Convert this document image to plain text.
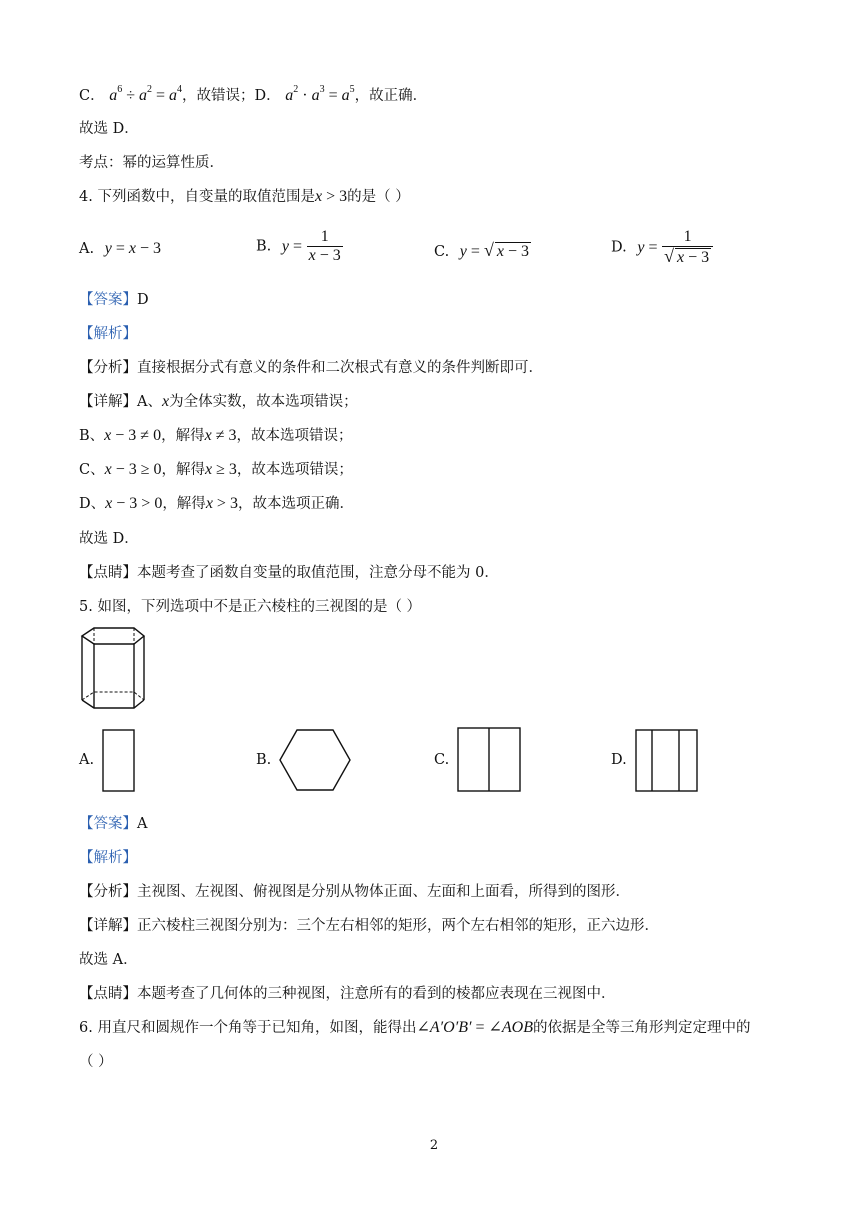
C． $a^6 \div a^2 = a^4$，故错误；D． $a^2 \cdot a^3 = a^5$，故正确．
故选 D．
考点：幂的运算性质．
4. 下列函数中，自变量的取值范围是x > 3的是（ ）
A. y = x − 3	B. $y = \frac{1}{x - 3}$	C. y = √ x − 3	D. $y = \frac{1}{√ x - 3}$
【答案】D
【解析】
【分析】直接根据分式有意义的条件和二次根式有意义的条件判断即可．
【详解】A、x为全体实数，故本选项错误；
B、x − 3 ≠ 0，解得x ≠ 3，故本选项错误；
C、x − 3 ≥ 0，解得x ≥ 3，故本选项错误；
D、x − 3 > 0，解得x > 3，故本选项正确．
故选 D．
【点睛】本题考查了函数自变量的取值范围，注意分母不能为 0．
5. 如图，下列选项中不是正六棱柱的三视图的是（ ）
A.	B.	C.	D.
【答案】A
【解析】
【分析】主视图、左视图、俯视图是分别从物体正面、左面和上面看，所得到的图形．
【详解】正六棱柱三视图分别为：三个左右相邻的矩形，两个左右相邻的矩形，正六边形．
故选 A．
【点睛】本题考查了几何体的三种视图，注意所有的看到的棱都应表现在三视图中．
6. 用直尺和圆规作一个角等于已知角，如图，能得出∠A′O′B′ = ∠AOB的依据是全等三角形判定定理中的
（ ）
2
